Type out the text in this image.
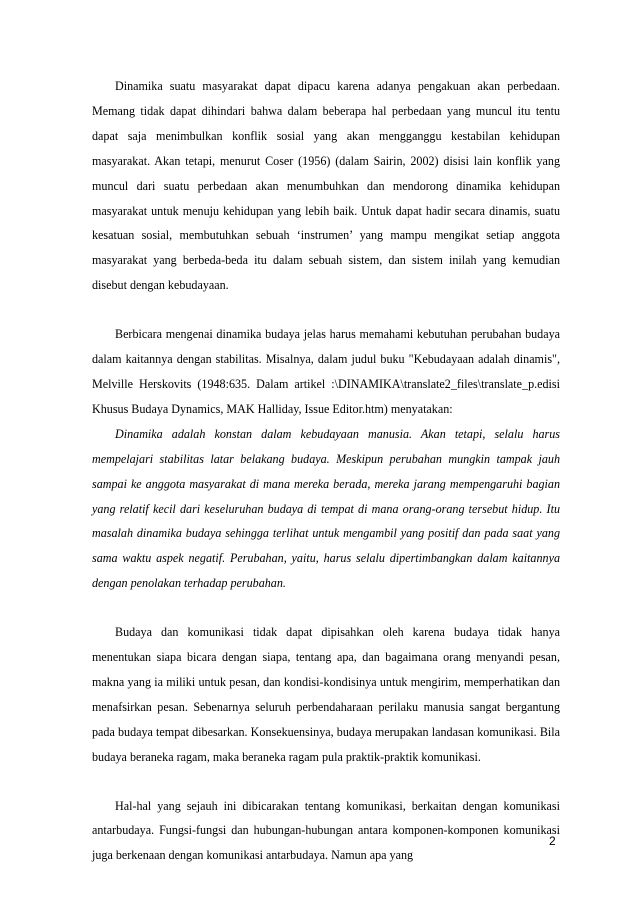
Dinamika suatu masyarakat dapat dipacu karena adanya pengakuan akan perbedaan. Memang tidak dapat dihindari bahwa dalam beberapa hal perbedaan yang muncul itu tentu dapat saja menimbulkan konflik sosial yang akan mengganggu kestabilan kehidupan masyarakat. Akan tetapi, menurut Coser (1956) (dalam Sairin, 2002) disisi lain konflik yang muncul dari suatu perbedaan akan menumbuhkan dan mendorong dinamika kehidupan masyarakat untuk menuju kehidupan yang lebih baik. Untuk dapat hadir secara dinamis, suatu kesatuan sosial, membutuhkan sebuah ‘instrumen’ yang mampu mengikat setiap anggota masyarakat yang berbeda-beda itu dalam sebuah sistem, dan sistem inilah yang kemudian disebut dengan kebudayaan.

Berbicara mengenai dinamika budaya jelas harus memahami kebutuhan perubahan budaya dalam kaitannya dengan stabilitas. Misalnya, dalam judul buku "Kebudayaan adalah dinamis", Melville Herskovits (1948:635. Dalam artikel :\DINAMIKA\translate2_files\translate_p.edisi Khusus Budaya Dynamics, MAK Halliday, Issue Editor.htm) menyatakan:

Dinamika adalah konstan dalam kebudayaan manusia. Akan tetapi, selalu harus mempelajari stabilitas latar belakang budaya. Meskipun perubahan mungkin tampak jauh sampai ke anggota masyarakat di mana mereka berada, mereka jarang mempengaruhi bagian yang relatif kecil dari keseluruhan budaya di tempat di mana orang-orang tersebut hidup. Itu masalah dinamika budaya sehingga terlihat untuk mengambil yang positif dan pada saat yang sama waktu aspek negatif. Perubahan, yaitu, harus selalu dipertimbangkan dalam kaitannya dengan penolakan terhadap perubahan.

Budaya dan komunikasi tidak dapat dipisahkan oleh karena budaya tidak hanya menentukan siapa bicara dengan siapa, tentang apa, dan bagaimana orang menyandi pesan, makna yang ia miliki untuk pesan, dan kondisi-kondisinya untuk mengirim, memperhatikan dan menafsirkan pesan. Sebenarnya seluruh perbendaharaan perilaku manusia sangat bergantung pada budaya tempat dibesarkan. Konsekuensinya, budaya merupakan landasan komunikasi. Bila budaya beraneka ragam, maka beraneka ragam pula praktik-praktik komunikasi.

Hal-hal yang sejauh ini dibicarakan tentang komunikasi, berkaitan dengan komunikasi antarbudaya. Fungsi-fungsi dan hubungan-hubungan antara komponen-komponen komunikasi juga berkenaan dengan komunikasi antarbudaya. Namun apa yang

2
